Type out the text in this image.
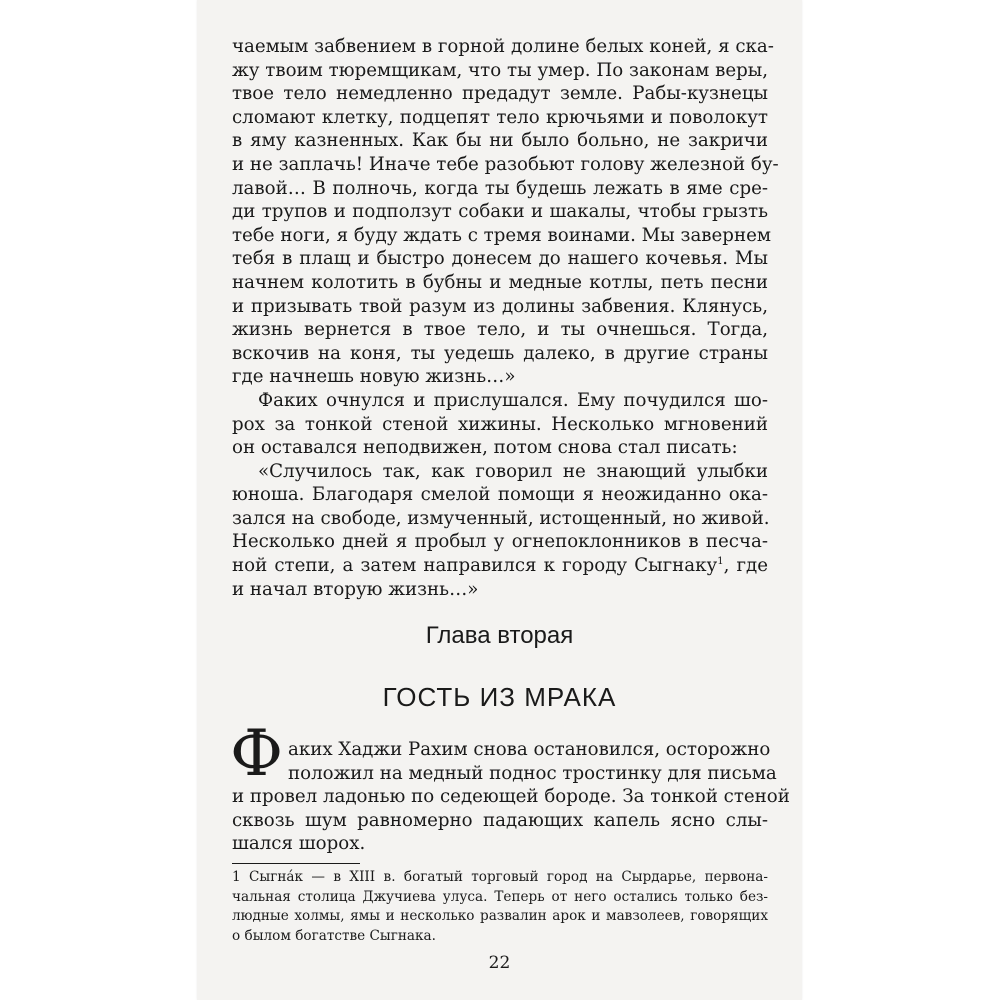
чаемым забвением в горной долине белых коней, я ска-
жу твоим тюремщикам, что ты умер. По законам веры,
твое тело немедленно предадут земле. Рабы-кузнецы
сломают клетку, подцепят тело крючьями и поволокут
в яму казненных. Как бы ни было больно, не закричи
и не заплачь! Иначе тебе разобьют голову железной бу-
лавой… В полночь, когда ты будешь лежать в яме сре-
ди трупов и подползут собаки и шакалы, чтобы грызть
тебе ноги, я буду ждать с тремя воинами. Мы завернем
тебя в плащ и быстро донесем до нашего кочевья. Мы
начнем колотить в бубны и медные котлы, петь песни
и призывать твой разум из долины забвения. Клянусь,
жизнь вернется в твое тело, и ты очнешься. Тогда,
вскочив на коня, ты уедешь далеко, в другие страны
где начнешь новую жизнь…»
Факих очнулся и прислушался. Ему почудился шо-
рох за тонкой стеной хижины. Несколько мгновений
он оставался неподвижен, потом снова стал писать:
«Случилось так, как говорил не знающий улыбки
юноша. Благодаря смелой помощи я неожиданно ока-
зался на свободе, измученный, истощенный, но живой.
Несколько дней я пробыл у огнепоклонников в песча-
ной степи, а затем направился к городу Сыгнаку$^1$, где
и начал вторую жизнь…»
Глава вторая
ГОСТЬ ИЗ МРАКА
Ф аких Хаджи Рахим снова остановился, осторожно
положил на медный поднос тростинку для письма
и провел ладонью по седеющей бороде. За тонкой стеной
сквозь шум равномерно падающих капель ясно слы-
шался шорох.
1 Сыгнáк — в XIII в. богатый торговый город на Сырдарье, первона-
чальная столица Джучиева улуса. Теперь от него остались только без-
людные холмы, ямы и несколько развалин арок и мавзолеев, говорящих
о былом богатстве Сыгнака.
22
